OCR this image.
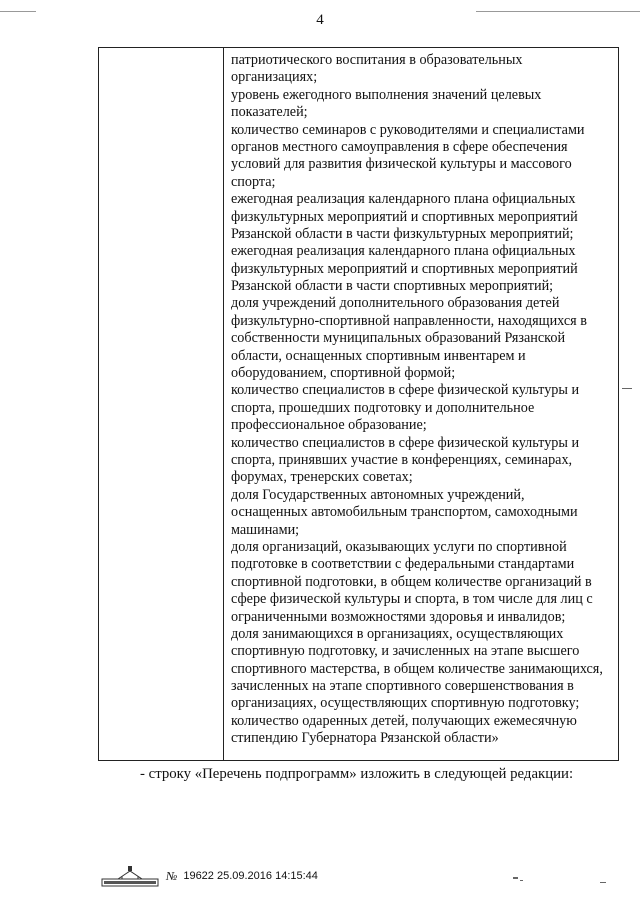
4
патриотического воспитания в образовательных
организациях;
уровень ежегодного выполнения значений целевых
показателей;
количество семинаров с руководителями и специалистами
органов местного самоуправления в сфере обеспечения
условий для развития физической культуры и массового
спорта;
ежегодная реализация календарного плана официальных
физкультурных мероприятий и спортивных мероприятий
Рязанской области в части физкультурных мероприятий;
ежегодная реализация календарного плана официальных
физкультурных мероприятий и спортивных мероприятий
Рязанской области в части спортивных мероприятий;
доля учреждений дополнительного образования детей
физкультурно-спортивной направленности, находящихся в
собственности муниципальных образований Рязанской
области, оснащенных спортивным инвентарем и
оборудованием, спортивной формой;
количество специалистов в сфере физической культуры и
спорта, прошедших подготовку и дополнительное
профессиональное образование;
количество специалистов в сфере физической культуры и
спорта, принявших участие в конференциях, семинарах,
форумах, тренерских советах;
доля Государственных автономных учреждений,
оснащенных автомобильным транспортом, самоходными
машинами;
доля организаций, оказывающих услуги по спортивной
подготовке в соответствии с федеральными стандартами
спортивной подготовки, в общем количестве организаций в
сфере физической культуры и спорта, в том числе для лиц с
ограниченными возможностями здоровья и инвалидов;
доля занимающихся в организациях, осуществляющих
спортивную подготовку, и зачисленных на этапе высшего
спортивного мастерства, в общем количестве занимающихся,
зачисленных на этапе спортивного совершенствования в
организациях, осуществляющих спортивную подготовку;
количество одаренных детей, получающих ежемесячную
стипендию Губернатора Рязанской области»
- строку «Перечень подпрограмм» изложить в следующей редакции:
№ 19622 25.09.2016 14:15:44
